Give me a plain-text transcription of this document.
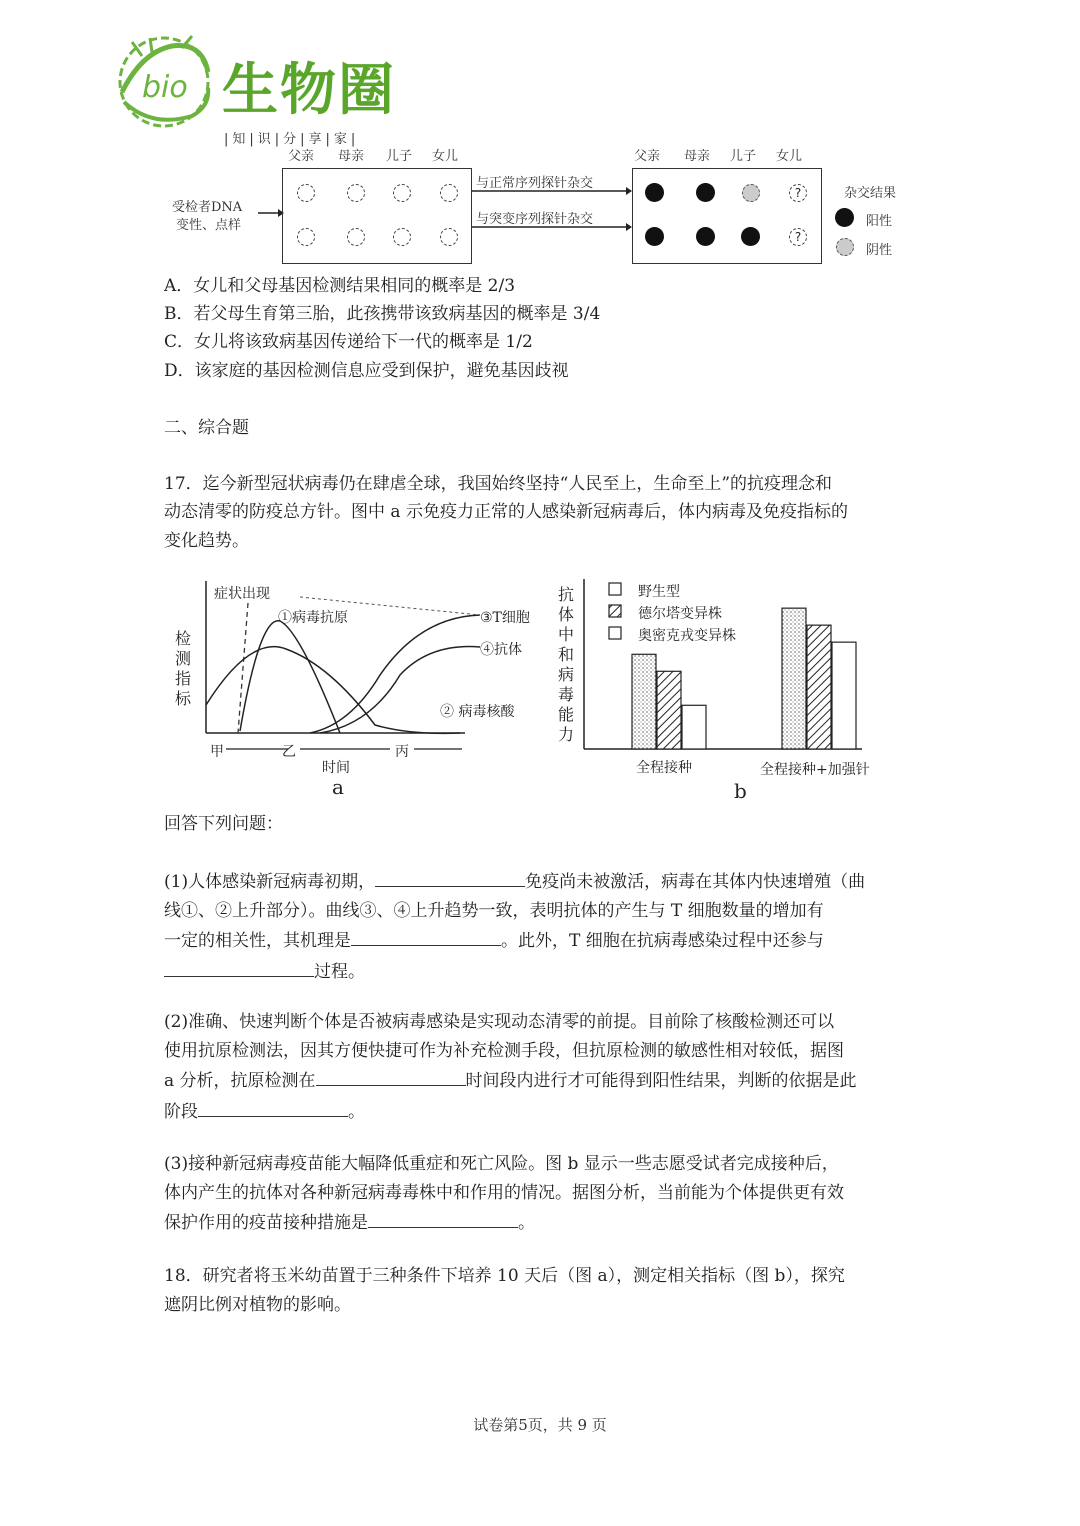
bio 生物圈
|知|识|分|享|家|
父亲 母亲 儿子 女儿
受检者DNA
变性、点样
与正常序列探针杂交
与突变序列探针杂交
父亲 母亲 儿子 女儿
?
?
杂交结果
阳性
阴性
A．女儿和父母基因检测结果相同的概率是 2/3
B．若父母生育第三胎，此孩携带该致病基因的概率是 3/4
C．女儿将该致病基因传递给下一代的概率是 1/2
D．该家庭的基因检测信息应受到保护，避免基因歧视
二、综合题
17．迄今新型冠状病毒仍在肆虐全球，我国始终坚持“人民至上，生命至上”的抗疫理念和
动态清零的防疫总方针。图中 a 示免疫力正常的人感染新冠病毒后，体内病毒及免疫指标的
变化趋势。
检测指标
症状出现
①病毒抗原	③T细胞
④抗体
② 病毒核酸
甲	乙	丙
时间
a
抗体中和病毒能力
野生型
德尔塔变异株
奥密克戎变异株
全程接种	全程接种+加强针
b
回答下列问题：
(1)人体感染新冠病毒初期，	免疫尚未被激活，病毒在其体内快速增殖（曲
线①、②上升部分）。曲线③、④上升趋势一致，表明抗体的产生与 T 细胞数量的增加有
一定的相关性，其机理是	。此外，T 细胞在抗病毒感染过程中还参与
过程。
(2)准确、快速判断个体是否被病毒感染是实现动态清零的前提。目前除了核酸检测还可以
使用抗原检测法，因其方便快捷可作为补充检测手段，但抗原检测的敏感性相对较低，据图
a 分析，抗原检测在	时间段内进行才可能得到阳性结果，判断的依据是此
阶段	。
(3)接种新冠病毒疫苗能大幅降低重症和死亡风险。图 b 显示一些志愿受试者完成接种后，
体内产生的抗体对各种新冠病毒毒株中和作用的情况。据图分析，当前能为个体提供更有效
保护作用的疫苗接种措施是	。
18．研究者将玉米幼苗置于三种条件下培养 10 天后（图 a），测定相关指标（图 b），探究
遮阴比例对植物的影响。
试卷第5页，共 9 页
